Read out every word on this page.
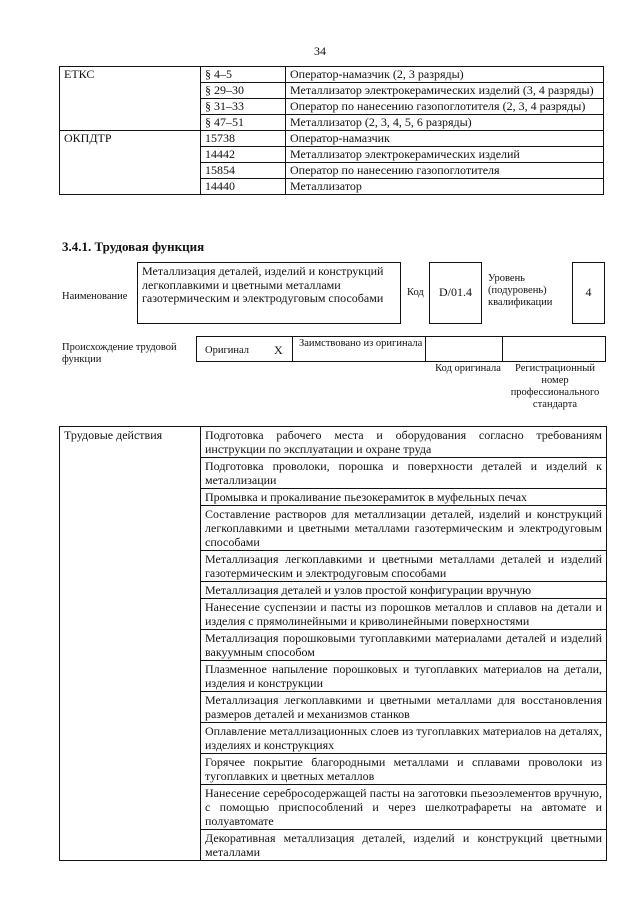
34
ЕТКС	§ 4–5	Оператор-намазчик (2, 3 разряды)
	§ 29–30	Металлизатор электрокерамических изделий (3, 4 разряды)
	§ 31–33	Оператор по нанесению газопоглотителя (2, 3, 4 разряды)
	§ 47–51	Металлизатор (2, 3, 4, 5, 6 разряды)
ОКПДТР	15738	Оператор-намазчик
	14442	Металлизатор электрокерамических изделий
	15854	Оператор по нанесению газопоглотителя
	14440	Металлизатор
3.4.1. Трудовая функция
Наименование
Металлизация деталей, изделий и конструкций легкоплавкими и цветными металлами газотермическим и электродуговым способами	Код	D/01.4
Уровень (подуровень) квалификации
4
Происхождение трудовой функции
Оригинал X Заимствовано из оригинала
Код оригинала	Регистрационный номер профессионального стандарта
Трудовые действия	Подготовка рабочего места и оборудования согласно требованиям инструкции по эксплуатации и охране труда
Подготовка проволоки, порошка и поверхности деталей и изделий к металлизации
Промывка и прокаливание пьезокерамиток в муфельных печах
Составление растворов для металлизации деталей, изделий и конструкций легкоплавкими и цветными металлами газотермическим и электродуговым способами
Металлизация легкоплавкими и цветными металлами деталей и изделий газотермическим и электродуговым способами
Металлизация деталей и узлов простой конфигурации вручную
Нанесение суспензии и пасты из порошков металлов и сплавов на детали и изделия с прямолинейными и криволинейными поверхностями
Металлизация порошковыми тугоплавкими материалами деталей и изделий вакуумным способом
Плазменное напыление порошковых и тугоплавких материалов на детали, изделия и конструкции
Металлизация легкоплавкими и цветными металлами для восстановления размеров деталей и механизмов станков
Оплавление металлизационных слоев из тугоплавких материалов на деталях, изделиях и конструкциях
Горячее покрытие благородными металлами и сплавами проволоки из тугоплавких и цветных металлов
Нанесение серебросодержащей пасты на заготовки пьезоэлементов вручную, с помощью приспособлений и через шелкотрафареты на автомате и полуавтомате
Декоративная металлизация деталей, изделий и конструкций цветными металлами
